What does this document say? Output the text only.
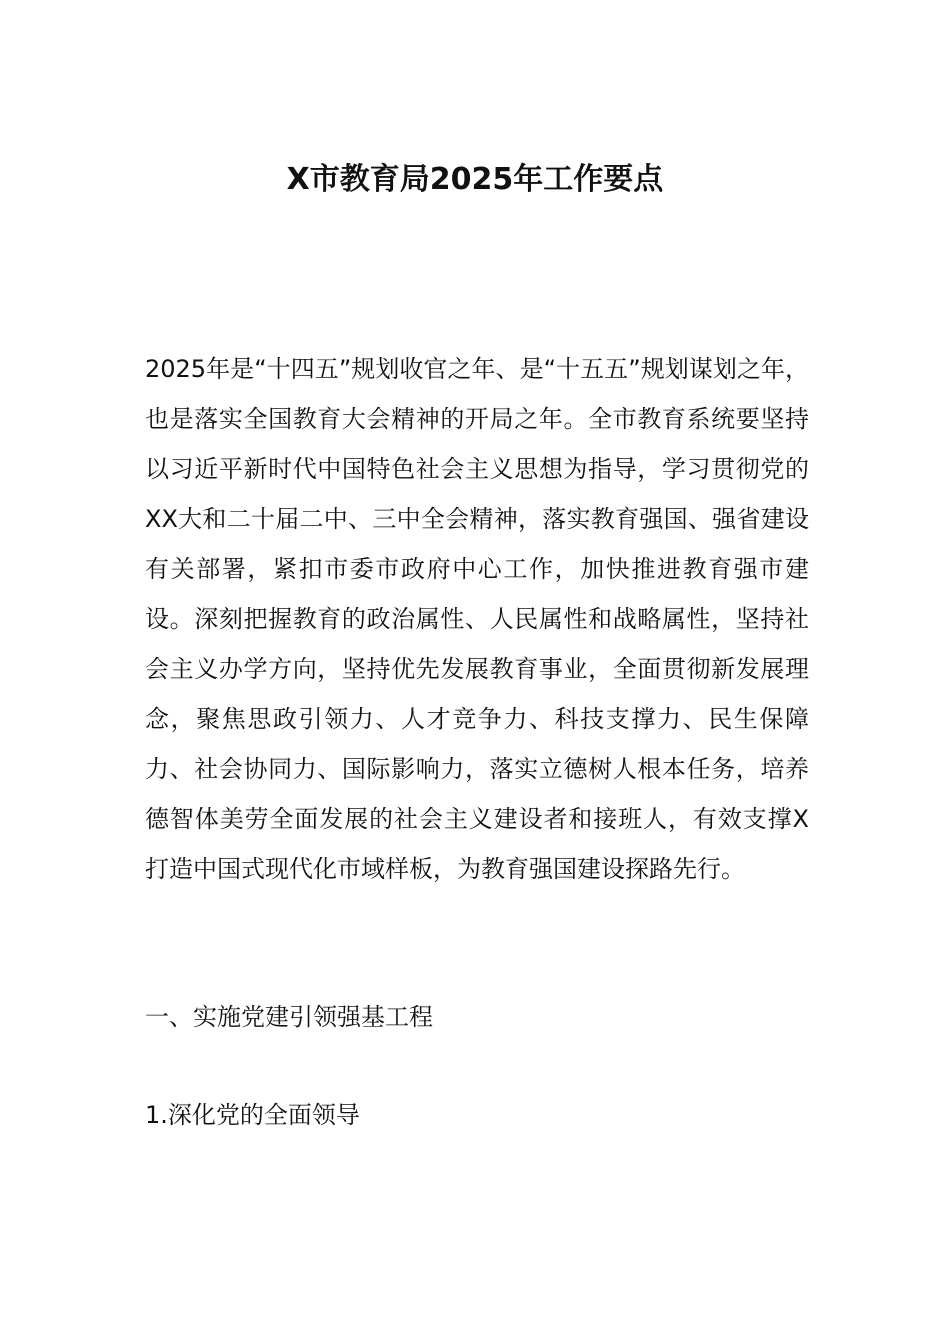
X市教育局2025年工作要点
2025年是“十四五”规划收官之年、是“十五五”规划谋划之年，也是落实全国教育大会精神的开局之年。全市教育系统要坚持以习近平新时代中国特色社会主义思想为指导，学习贯彻党的XX大和二十届二中、三中全会精神，落实教育强国、强省建设有关部署，紧扣市委市政府中心工作，加快推进教育强市建设。深刻把握教育的政治属性、人民属性和战略属性，坚持社会主义办学方向，坚持优先发展教育事业，全面贯彻新发展理念，聚焦思政引领力、人才竞争力、科技支撑力、民生保障力、社会协同力、国际影响力，落实立德树人根本任务，培养德智体美劳全面发展的社会主义建设者和接班人，有效支撑X打造中国式现代化市域样板，为教育强国建设探路先行。
一、实施党建引领强基工程
1.深化党的全面领导
